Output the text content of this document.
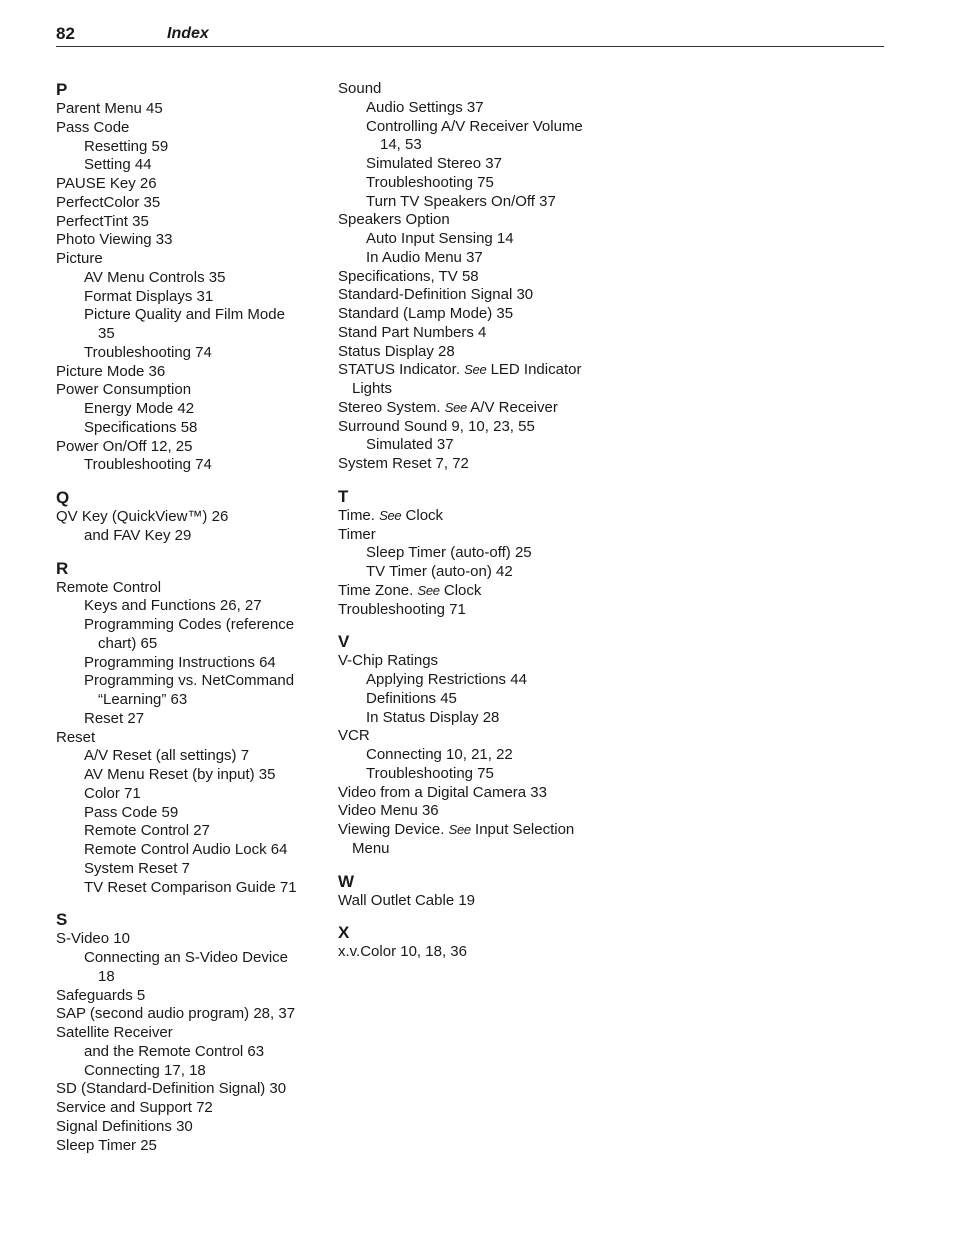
82	Index
P
Parent Menu 45
Pass Code
Resetting 59
Setting 44
PAUSE Key 26
PerfectColor 35
PerfectTint 35
Photo Viewing 33
Picture
AV Menu Controls 35
Format Displays 31
Picture Quality and Film Mode
35
Troubleshooting 74
Picture Mode 36
Power Consumption
Energy Mode 42
Specifications 58
Power On/Off 12, 25
Troubleshooting 74
Q
QV Key (QuickView™) 26
and FAV Key 29
R
Remote Control
Keys and Functions 26, 27
Programming Codes (reference
chart) 65
Programming Instructions 64
Programming vs. NetCommand
“Learning” 63
Reset 27
Reset
A/V Reset (all settings) 7
AV Menu Reset (by input) 35
Color 71
Pass Code 59
Remote Control 27
Remote Control Audio Lock 64
System Reset 7
TV Reset Comparison Guide 71
S
S-Video 10
Connecting an S-Video Device
18
Safeguards 5
SAP (second audio program) 28, 37
Satellite Receiver
and the Remote Control 63
Connecting 17, 18
SD (Standard-Definition Signal) 30
Service and Support 72
Signal Definitions 30
Sleep Timer 25
Sound
Audio Settings 37
Controlling A/V Receiver Volume
14, 53
Simulated Stereo 37
Troubleshooting 75
Turn TV Speakers On/Off 37
Speakers Option
Auto Input Sensing 14
In Audio Menu 37
Specifications, TV 58
Standard-Definition Signal 30
Standard (Lamp Mode) 35
Stand Part Numbers 4
Status Display 28
STATUS Indicator. See LED Indicator
Lights
Stereo System. See A/V Receiver
Surround Sound 9, 10, 23, 55
Simulated 37
System Reset 7, 72
T
Time. See Clock
Timer
Sleep Timer (auto-off) 25
TV Timer (auto-on) 42
Time Zone. See Clock
Troubleshooting 71
V
V-Chip Ratings
Applying Restrictions 44
Definitions 45
In Status Display 28
VCR
Connecting 10, 21, 22
Troubleshooting 75
Video from a Digital Camera 33
Video Menu 36
Viewing Device. See Input Selection
Menu
W
Wall Outlet Cable 19
X
x.v.Color 10, 18, 36
